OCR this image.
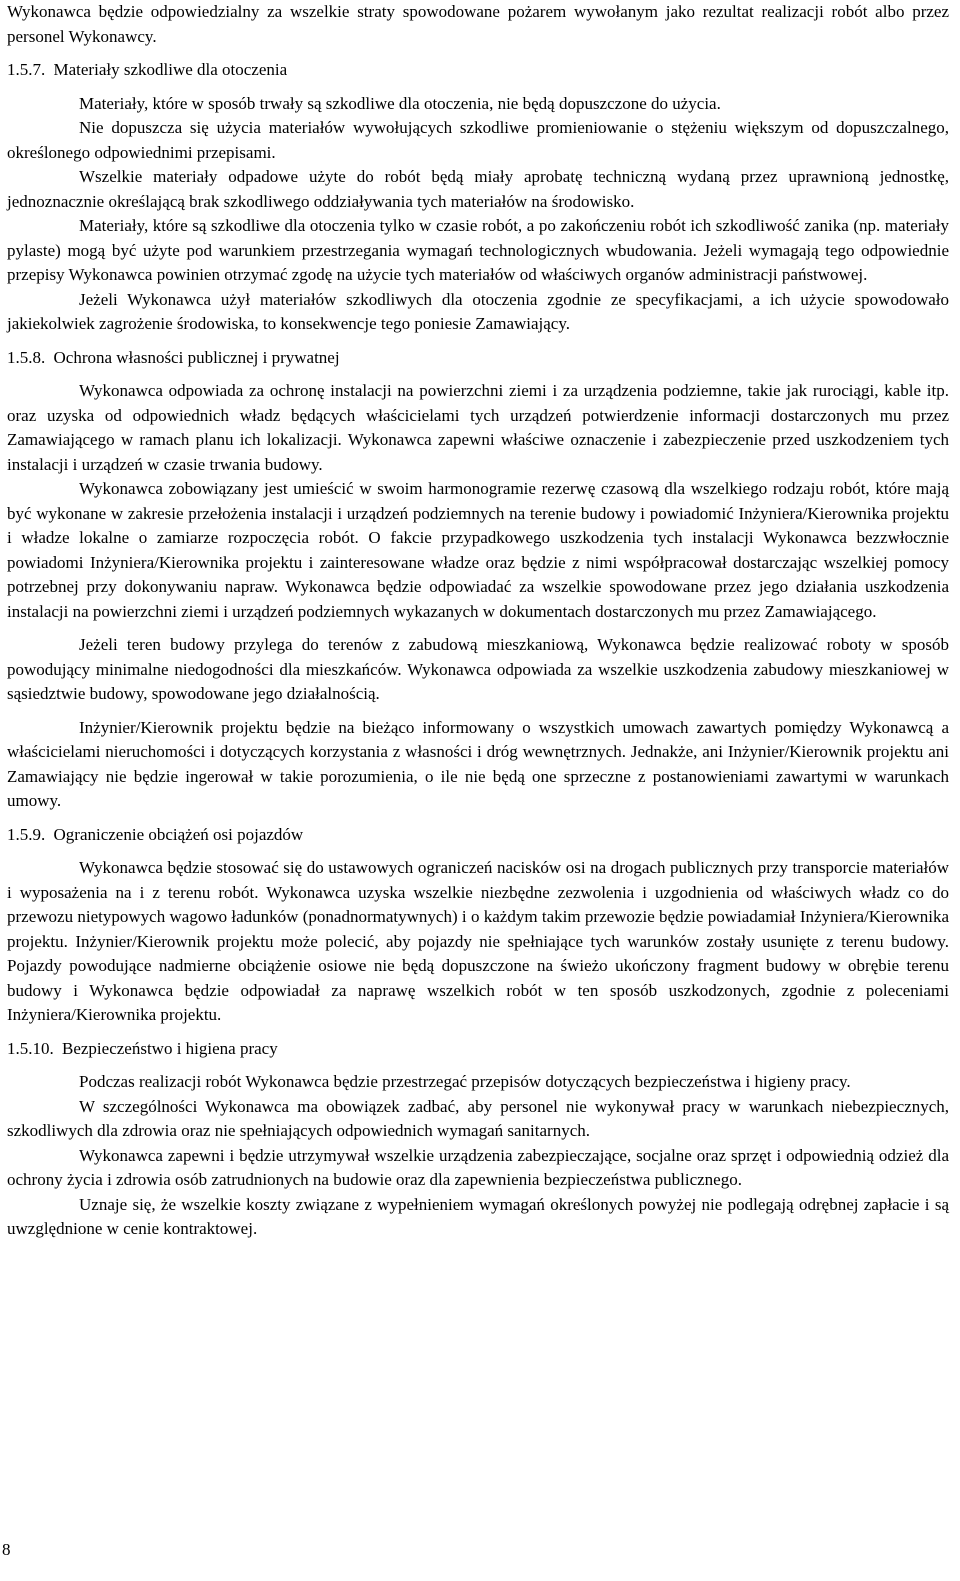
Wykonawca będzie odpowiedzialny za wszelkie straty spowodowane pożarem wywołanym jako rezultat realizacji robót albo przez personel Wykonawcy.

1.5.7. Materiały szkodliwe dla otoczenia

Materiały, które w sposób trwały są szkodliwe dla otoczenia, nie będą dopuszczone do użycia.

Nie dopuszcza się użycia materiałów wywołujących szkodliwe promieniowanie o stężeniu większym od dopuszczalnego, określonego odpowiednimi przepisami.

Wszelkie materiały odpadowe użyte do robót będą miały aprobatę techniczną wydaną przez uprawnioną jednostkę, jednoznacznie określającą brak szkodliwego oddziaływania tych materiałów na środowisko.

Materiały, które są szkodliwe dla otoczenia tylko w czasie robót, a po zakończeniu robót ich szkodliwość zanika (np. materiały pylaste) mogą być użyte pod warunkiem przestrzegania wymagań technologicznych wbudowania. Jeżeli wymagają tego odpowiednie przepisy Wykonawca powinien otrzymać zgodę na użycie tych materiałów od właściwych organów administracji państwowej.

Jeżeli Wykonawca użył materiałów szkodliwych dla otoczenia zgodnie ze specyfikacjami, a ich użycie spowodowało jakiekolwiek zagrożenie środowiska, to konsekwencje tego poniesie Zamawiający.

1.5.8. Ochrona własności publicznej i prywatnej

Wykonawca odpowiada za ochronę instalacji na powierzchni ziemi i za urządzenia podziemne, takie jak rurociągi, kable itp. oraz uzyska od odpowiednich władz będących właścicielami tych urządzeń potwierdzenie informacji dostarczonych mu przez Zamawiającego w ramach planu ich lokalizacji. Wykonawca zapewni właściwe oznaczenie i zabezpieczenie przed uszkodzeniem tych instalacji i urządzeń w czasie trwania budowy.

Wykonawca zobowiązany jest umieścić w swoim harmonogramie rezerwę czasową dla wszelkiego rodzaju robót, które mają być wykonane w zakresie przełożenia instalacji i urządzeń podziemnych na terenie budowy i powiadomić Inżyniera/Kierownika projektu i władze lokalne o zamiarze rozpoczęcia robót. O fakcie przypadkowego uszkodzenia tych instalacji Wykonawca bezzwłocznie powiadomi Inżyniera/Kierownika projektu i zainteresowane władze oraz będzie z nimi współpracował dostarczając wszelkiej pomocy potrzebnej przy dokonywaniu napraw. Wykonawca będzie odpowiadać za wszelkie spowodowane przez jego działania uszkodzenia instalacji na powierzchni ziemi i urządzeń podziemnych wykazanych w dokumentach dostarczonych mu przez Zamawiającego.

Jeżeli teren budowy przylega do terenów z zabudową mieszkaniową, Wykonawca będzie realizować roboty w sposób powodujący minimalne niedogodności dla mieszkańców. Wykonawca odpowiada za wszelkie uszkodzenia zabudowy mieszkaniowej w sąsiedztwie budowy, spowodowane jego działalnością.

Inżynier/Kierownik projektu będzie na bieżąco informowany o wszystkich umowach zawartych pomiędzy Wykonawcą a właścicielami nieruchomości i dotyczących korzystania z własności i dróg wewnętrznych. Jednakże, ani Inżynier/Kierownik projektu ani Zamawiający nie będzie ingerował w takie porozumienia, o ile nie będą one sprzeczne z postanowieniami zawartymi w warunkach umowy.

1.5.9. Ograniczenie obciążeń osi pojazdów

Wykonawca będzie stosować się do ustawowych ograniczeń nacisków osi na drogach publicznych przy transporcie materiałów i wyposażenia na i z terenu robót. Wykonawca uzyska wszelkie niezbędne zezwolenia i uzgodnienia od właściwych władz co do przewozu nietypowych wagowo ładunków (ponadnormatywnych) i o każdym takim przewozie będzie powiadamiał Inżyniera/Kierownika projektu. Inżynier/Kierownik projektu może polecić, aby pojazdy nie spełniające tych warunków zostały usunięte z terenu budowy. Pojazdy powodujące nadmierne obciążenie osiowe nie będą dopuszczone na świeżo ukończony fragment budowy w obrębie terenu budowy i Wykonawca będzie odpowiadał za naprawę wszelkich robót w ten sposób uszkodzonych, zgodnie z poleceniami Inżyniera/Kierownika projektu.

1.5.10. Bezpieczeństwo i higiena pracy

Podczas realizacji robót Wykonawca będzie przestrzegać przepisów dotyczących bezpieczeństwa i higieny pracy.

W szczególności Wykonawca ma obowiązek zadbać, aby personel nie wykonywał pracy w warunkach niebezpiecznych, szkodliwych dla zdrowia oraz nie spełniających odpowiednich wymagań sanitarnych.

Wykonawca zapewni i będzie utrzymywał wszelkie urządzenia zabezpieczające, socjalne oraz sprzęt i odpowiednią odzież dla ochrony życia i zdrowia osób zatrudnionych na budowie oraz dla zapewnienia bezpieczeństwa publicznego.

Uznaje się, że wszelkie koszty związane z wypełnieniem wymagań określonych powyżej nie podlegają odrębnej zapłacie i są uwzględnione w cenie kontraktowej.

8
